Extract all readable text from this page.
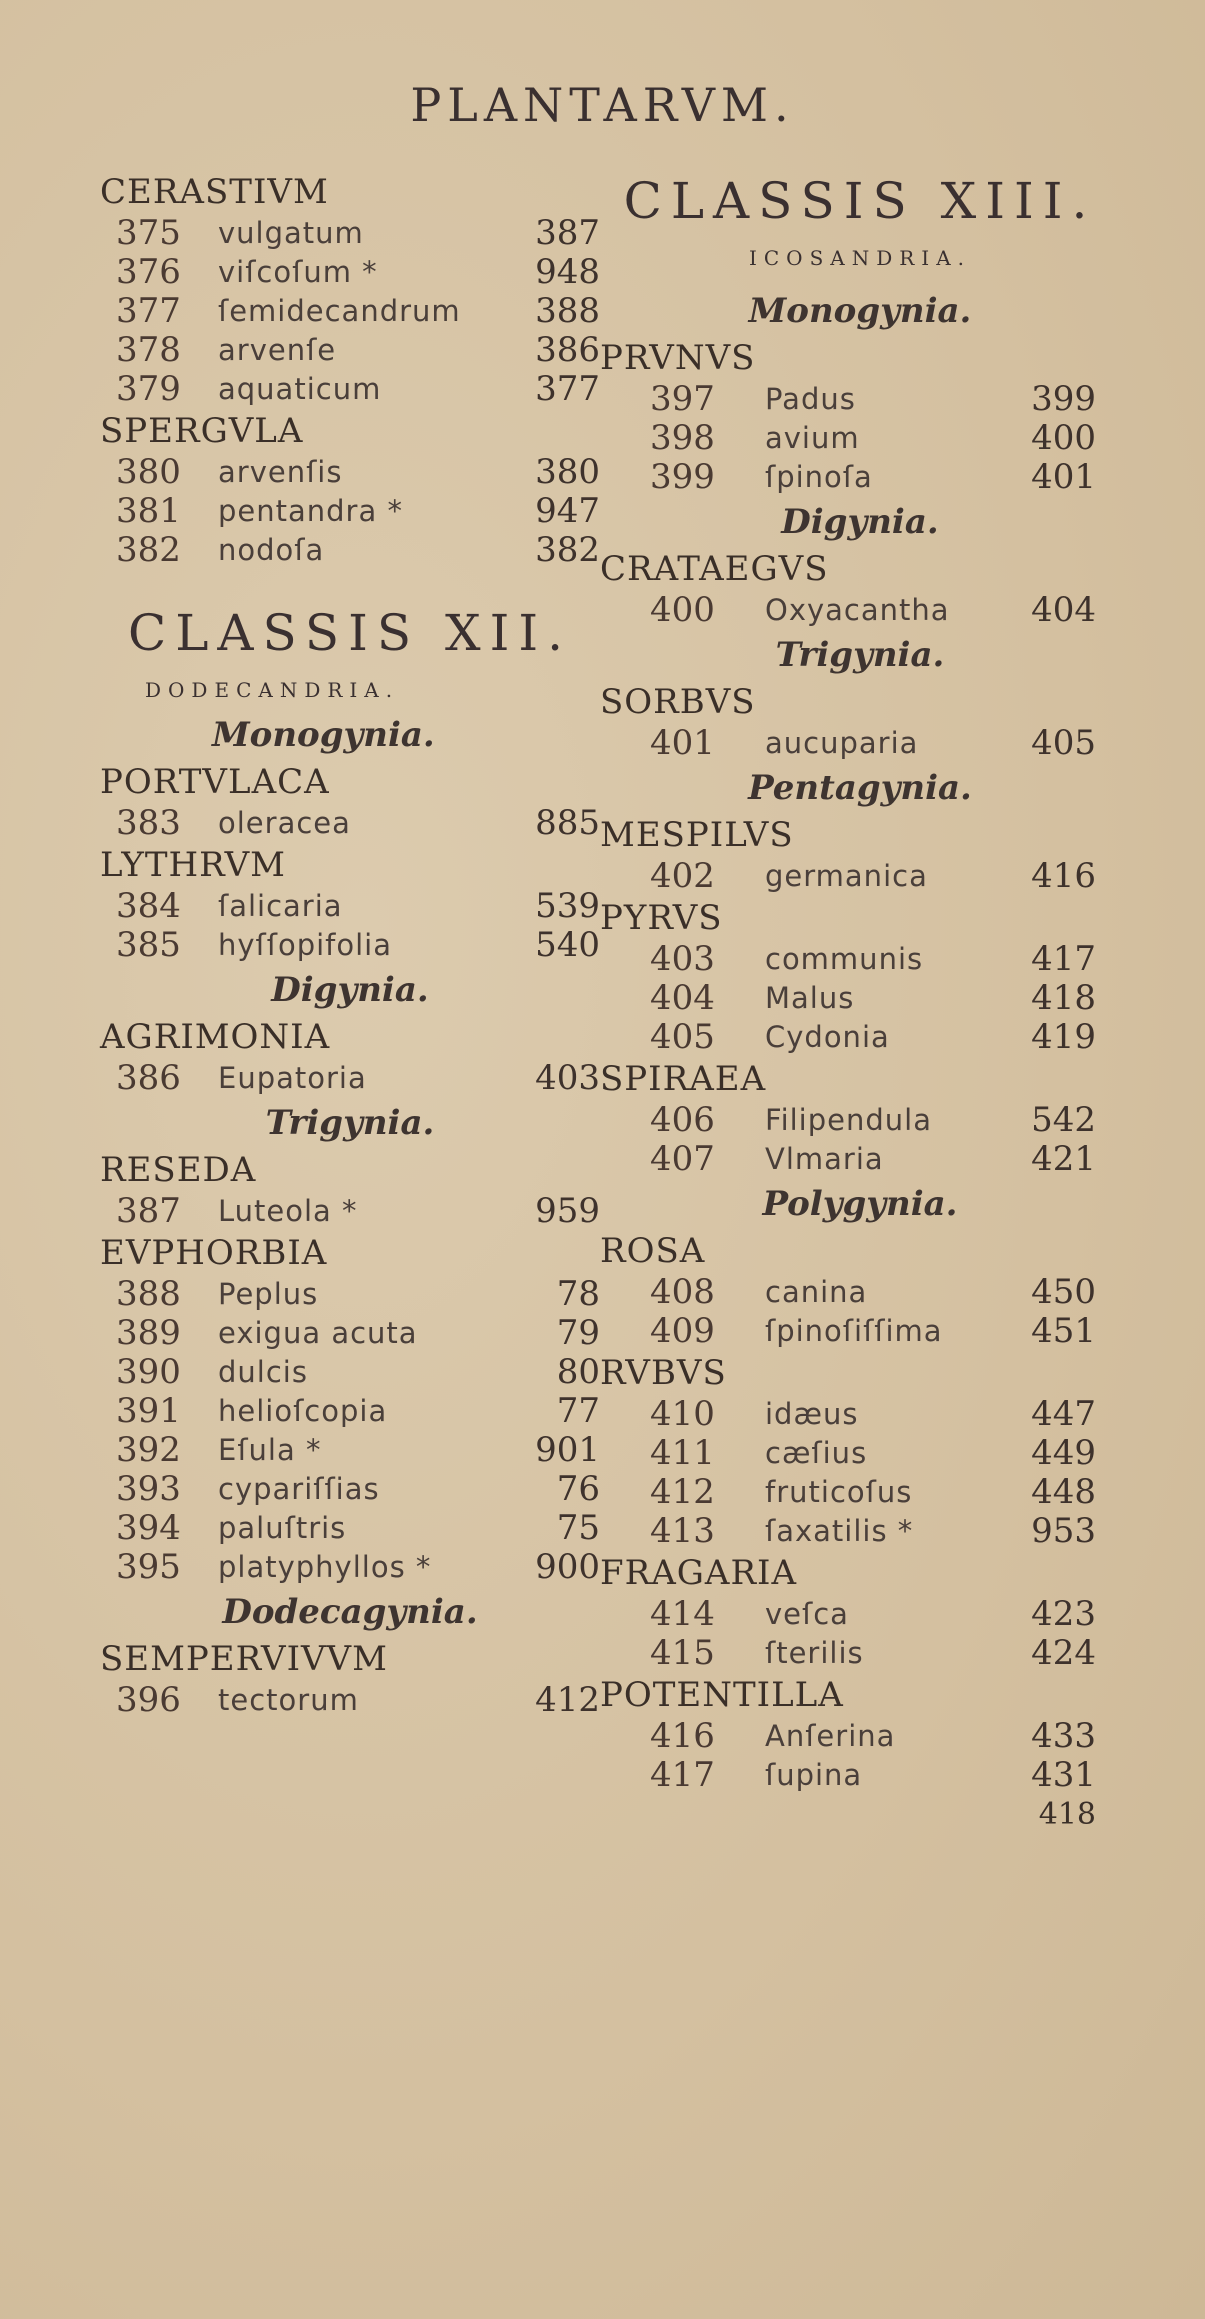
PLANTARVM.
CERASTIVM
375	vulgatum	387
376	viſcoſum *	948
377	ſemidecandrum 388
378	arvenſe	386
379	aquaticum	377
SPERGVLA
380	arvenſis	380
381	pentandra *	947
382	nodoſa	382
CLASSIS XII.
DODECANDRIA.
Monogynia.
PORTVLACA
383	oleracea	885
LYTHRVM
384	ſalicaria	539
385	hyſſopifolia	540
Digynia.
AGRIMONIA
386	Eupatoria	403
Trigynia.
RESEDA
387	Luteola *	959
EVPHORBIA
388	Peplus	78
389	exigua acuta	79
390	dulcis	80
391	helioſcopia	77
392	Eſula *	901
393	cypariſſias	76
394	paluſtris	75
395	platyphyllos *	900
Dodecagynia.
SEMPERVIVVM
396	tectorum	412
CLASSIS XIII.
ICOSANDRIA.
Monogynia.
PRVNVS
397	Padus	399
398	avium	400
399	ſpinoſa	401
Digynia.
CRATAEGVS
400	Oxyacantha 404
Trigynia.
SORBVS
401	aucuparia	405
Pentagynia.
MESPILVS
402	germanica	416
PYRVS
403	communis	417
404	Malus	418
405	Cydonia	419
SPIRAEA
406	Filipendula	542
407	Vlmaria	421
Polygynia.
ROSA
408	canina	450
409	ſpinoſiſſima	451
RVBVS
410	idæus	447
411	cæſius	449
412	fruticoſus	448
413	ſaxatilis *	953
FRAGARIA
414	veſca	423
415	ſterilis	424
POTENTILLA
416	Anſerina	433
417	ſupina	431
418
